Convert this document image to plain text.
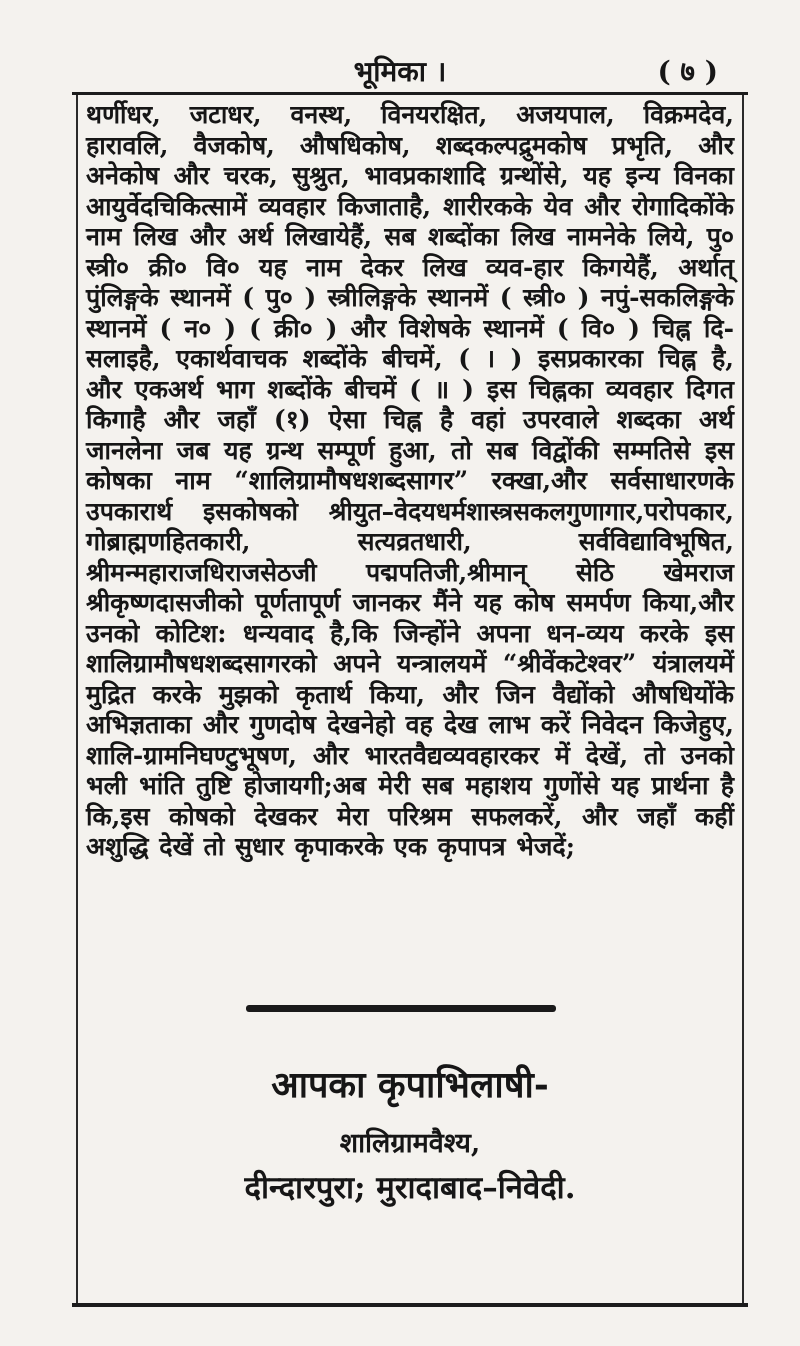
भूमिका ।	( ७ )
थर्णीधर, जटाधर, वनस्थ, विनयरक्षित, अजयपाल, विक्रमदेव, हारावलि, वैजकोष, औषधिकोष, शब्दकल्पद्रुमकोष प्रभृति, और अनेकोष और चरक, सुश्रुत, भावप्रकाशादि ग्रन्थोंसे, यह इन्य विनका आयुर्वेदचिकित्सामें व्यवहार किजाताहै, शारीरकके येव और रोगादिकोंके नाम लिख और अर्थ लिखायेहैं, सब शब्दोंका लिख नामनेके लिये, पु० स्त्री० क्री० वि० यह नाम देकर लिख व्यव-हार किगयेहैं, अर्थात् पुंलिङ्गके स्थानमें ( पु० ) स्त्रीलिङ्गके स्थानमें ( स्त्री० ) नपुं-सकलिङ्गके स्थानमें ( न० ) ( क्री० ) और विशेषके स्थानमें ( वि० ) चिह्न दि-सलाइहै, एकार्थवाचक शब्दोंके बीचमें, ( । ) इसप्रकारका चिह्न है, और एकअर्थ भाग शब्दोंके बीचमें ( ॥ ) इस चिह्नका व्यवहार दिगत किगाहै और जहाँ (१) ऐसा चिह्न है वहां उपरवाले शब्दका अर्थ जानलेना जब यह ग्रन्थ सम्पूर्ण हुआ, तो सब विद्वोंकी सम्मतिसे इस कोषका नाम “शालिग्रामौषधशब्दसागर” रक्खा,और सर्वसाधारणके उपकारार्थ इसकोषको श्रीयुत–वेदयधर्मशास्त्रसकलगुणागार,परोपकार, गोब्राह्मणहितकारी, सत्यव्रतधारी, सर्वविद्याविभूषित, श्रीमन्महाराजधिराजसेठजी पद्मपतिजी,श्रीमान् सेठि खेमराज श्रीकृष्णदासजीको पूर्णतापूर्ण जानकर मैंने यह कोष समर्पण किया,और उनको कोटिश: धन्यवाद है,कि जिन्होंने अपना धन-व्यय करके इस शालिग्रामौषधशब्दसागरको अपने यन्त्रालयमें “श्रीवेंकटेश्वर” यंत्रालयमें मुद्रित करके मुझको कृतार्थ किया, और जिन वैद्योंको औषधियोंके अभिज्ञताका और गुणदोष देखनेहो वह देख लाभ करें निवेदन किजेहुए, शालि-ग्रामनिघण्टुभूषण, और भारतवैद्यव्यवहारकर में देखें, तो उनको भली भांति तुष्टि होजायगी;अब मेरी सब महाशय गुणोंसे यह प्रार्थना है कि,इस कोषको देखकर मेरा परिश्रम सफलकरें, और जहाँ कहीं अशुद्धि देखें तो सुधार कृपाकरके एक कृपापत्र भेजदें;
आपका कृपाभिलाषी-
शालिग्रामवैश्य,
दीन्दारपुरा; मुरादाबाद–निवेदी.
